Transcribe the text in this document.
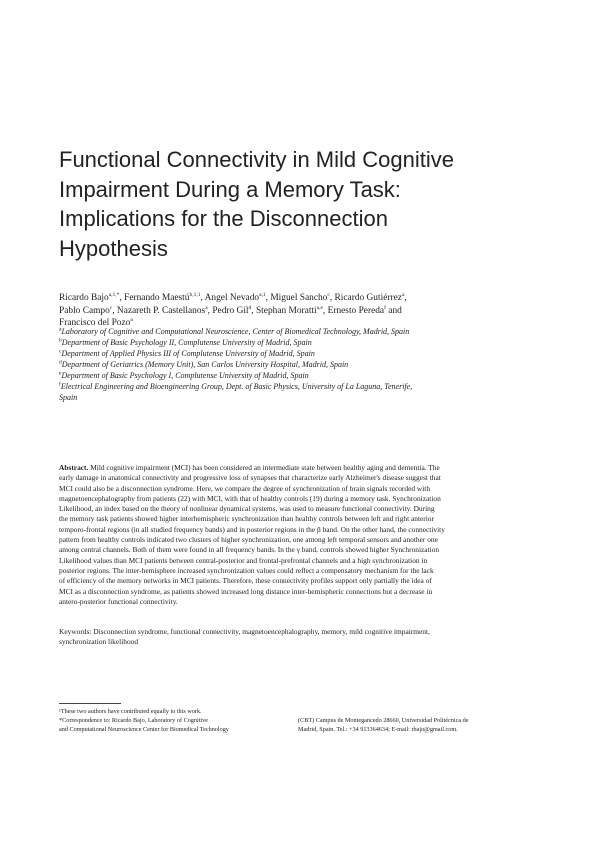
Functional Connectivity in Mild Cognitive
Impairment During a Memory Task:
Implications for the Disconnection
Hypothesis
Ricardo Bajo$^{a,1,*}$, Fernando Maestú$^{b,1,1}$, Angel Nevado$^{a,1}$, Miguel Sancho$^c$, Ricardo Gutiérrez$^a$,
Pablo Campo$^c$, Nazareth P. Castellanos$^a$, Pedro Gil$^d$, Stephan Moratti$^{a,e}$, Ernesto Pereda$^f$ and
Francisco del Pozo$^a$
$^a$Laboratory of Cognitive and Computational Neuroscience, Center of Biomedical Technology, Madrid, Spain
$^b$Department of Basic Psychology II, Complutense University of Madrid, Spain
$^c$Department of Applied Physics III of Complutense University of Madrid, Spain
$^d$Department of Geriatrics (Memory Unit), San Carlos University Hospital, Madrid, Spain
$^e$Department of Basic Psychology I, Complutense University of Madrid, Spain
$^f$Electrical Engineering and Bioengineering Group, Dept. of Basic Physics, University of La Laguna, Tenerife,
Spain
Abstract. Mild cognitive impairment (MCI) has been considered an intermediate state between healthy aging and dementia. The
early damage in anatomical connectivity and progressive loss of synapses that characterize early Alzheimer's disease suggest that
MCI could also be a disconnection syndrome. Here, we compare the degree of synchronization of brain signals recorded with
magnetoencephalography from patients (22) with MCI, with that of healthy controls (19) during a memory task. Synchronization
Likelihood, an index based on the theory of nonlinear dynamical systems, was used to measure functional connectivity. During
the memory task patients showed higher interhemispheric synchronization than healthy controls between left and right anterior
temporo-frontal regions (in all studied frequency bands) and in posterior regions in the β band. On the other hand, the connectivity
pattern from healthy controls indicated two clusters of higher synchronization, one among left temporal sensors and another one
among central channels. Both of them were found in all frequency bands. In the γ band, controls showed higher Synchronization
Likelihood values than MCI patients between central-posterior and frontal-prefrontal channels and a high synchronization in
posterior regions. The inter-hemisphere increased synchronization values could reflect a compensatory mechanism for the lack
of efficiency of the memory networks in MCI patients. Therefore, these connectivity profiles support only partially the idea of
MCI as a disconnection syndrome, as patients showed increased long distance inter-hemispheric connections but a decrease in
antero-posterior functional connectivity.
Keywords: Disconnection syndrome, functional connectivity, magnetoencephalography, memory, mild cognitive impairment,
synchronization likelihood
¹These two authors have contributed equally to this work.
*Correspondence to: Ricardo Bajo, Laboratory of Cognitive
and Computational Neuroscience Center for Biomedical Technology
(CBT) Campus de Montegancedo 28660, Universidad Politécnica de
Madrid, Spain. Tel.: +34 913364634; E-mail: rbajo@gmail.com.
